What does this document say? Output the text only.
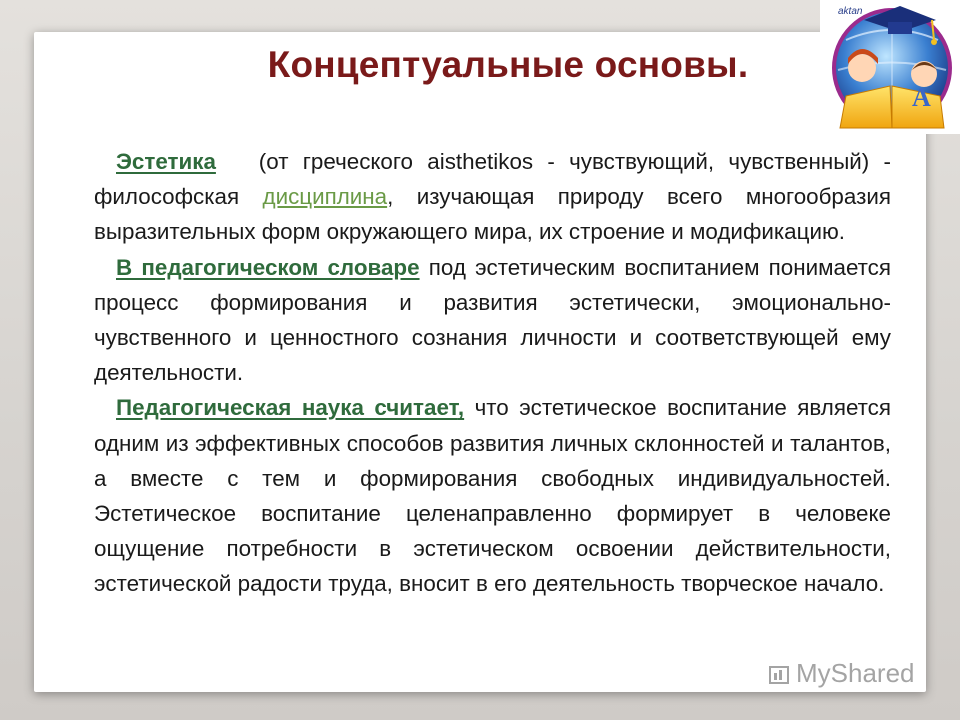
Концептуальные основы.

Эстетика (от греческого aisthetikos - чувствующий, чувственный) - философская дисциплина, изучающая природу всего многообразия выразительных форм окружающего мира, их строение и модификацию.

В педагогическом словаре под эстетическим воспитанием понимается процесс формирования и развития эстетически, эмоционально-чувственного и ценностного сознания личности и соответствующей ему деятельности.

Педагогическая наука считает, что эстетическое воспитание является одним из эффективных способов развития личных склонностей и талантов, а вместе с тем и формирования свободных индивидуальностей. Эстетическое воспитание целенаправленно формирует в человеке ощущение потребности в эстетическом освоении действительности, эстетической радости труда, вносит в его деятельность творческое начало.

A
aktan
MyShared
